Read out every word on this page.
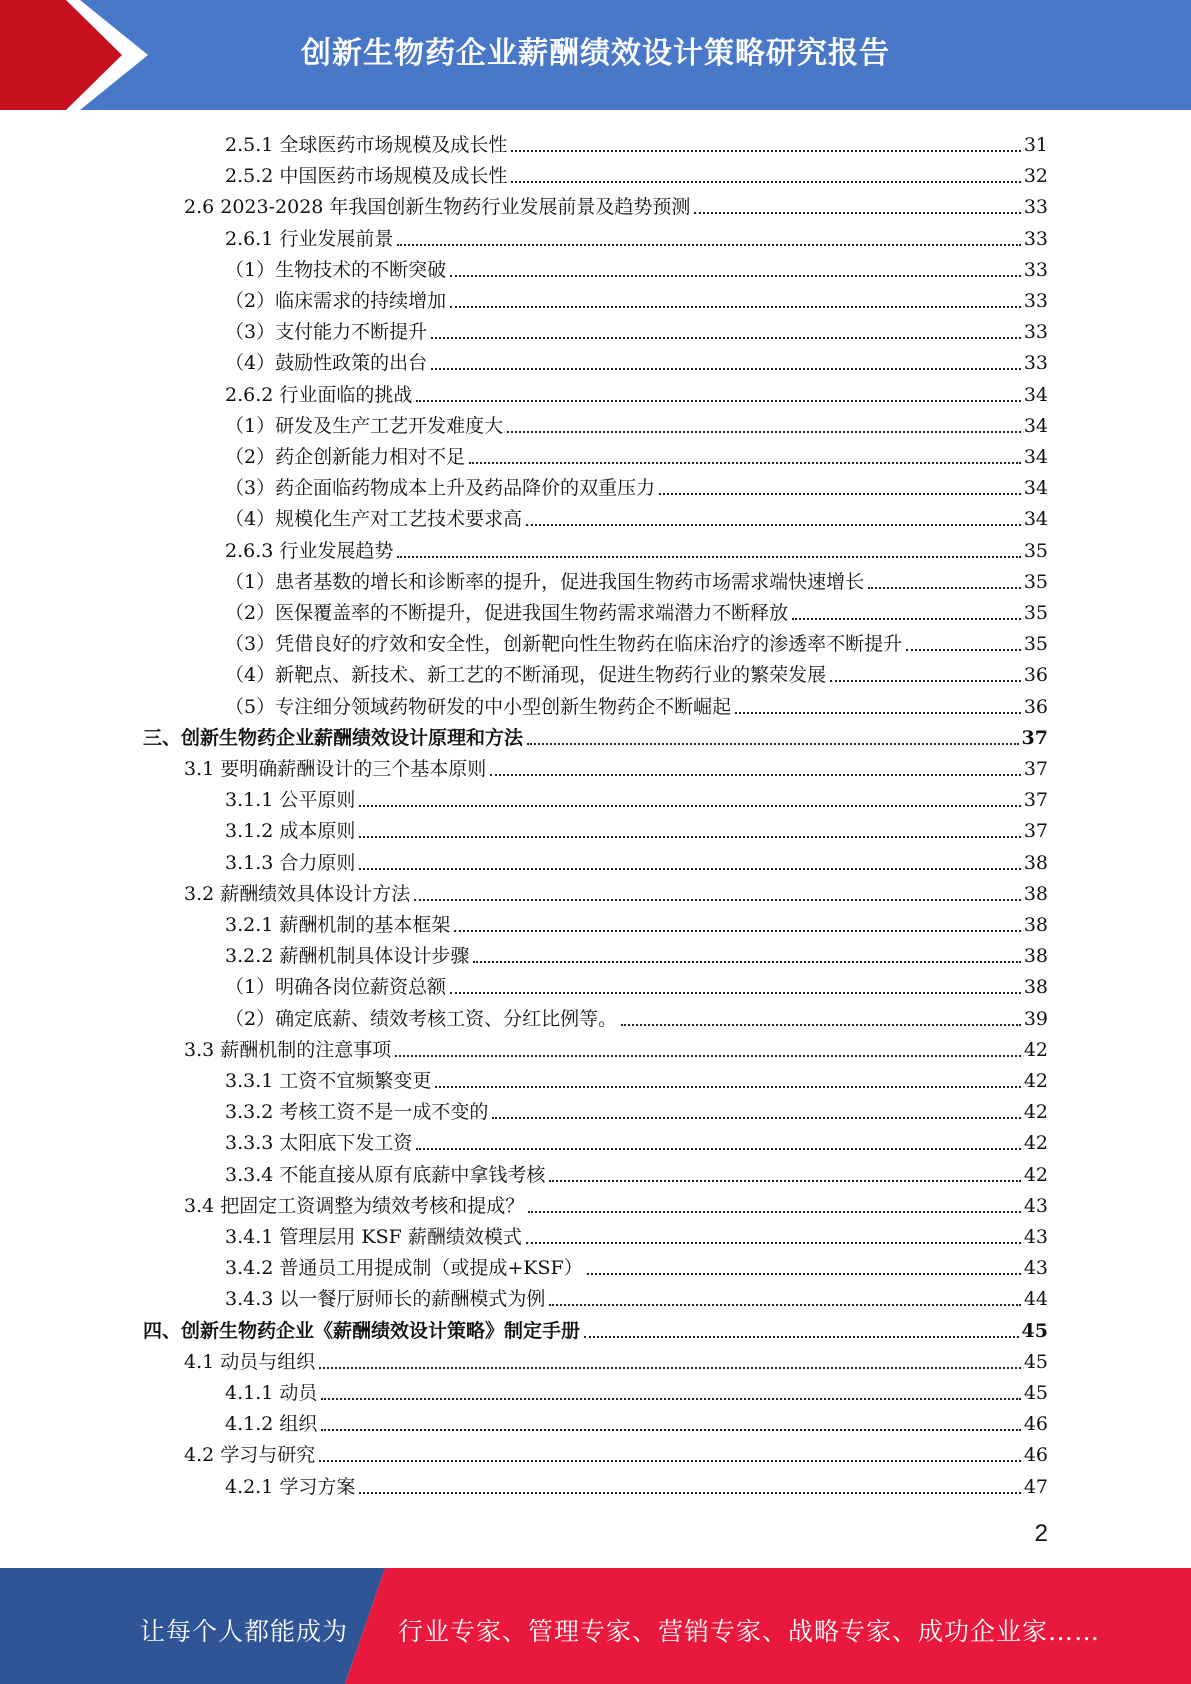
创新生物药企业薪酬绩效设计策略研究报告
2.5.1 全球医药市场规模及成长性	31
2.5.2 中国医药市场规模及成长性	32
2.6 2023-2028 年我国创新生物药行业发展前景及趋势预测	33
2.6.1 行业发展前景	33
（1）生物技术的不断突破	33
（2）临床需求的持续增加	33
（3）支付能力不断提升	33
（4）鼓励性政策的出台	33
2.6.2 行业面临的挑战	34
（1）研发及生产工艺开发难度大	34
（2）药企创新能力相对不足	34
（3）药企面临药物成本上升及药品降价的双重压力	34
（4）规模化生产对工艺技术要求高	34
2.6.3 行业发展趋势	35
（1）患者基数的增长和诊断率的提升，促进我国生物药市场需求端快速增长	35
（2）医保覆盖率的不断提升，促进我国生物药需求端潜力不断释放	35
（3）凭借良好的疗效和安全性，创新靶向性生物药在临床治疗的渗透率不断提升	35
（4）新靶点、新技术、新工艺的不断涌现，促进生物药行业的繁荣发展	36
（5）专注细分领域药物研发的中小型创新生物药企不断崛起	36
三、创新生物药企业薪酬绩效设计原理和方法	37
3.1 要明确薪酬设计的三个基本原则	37
3.1.1 公平原则	37
3.1.2 成本原则	37
3.1.3 合力原则	38
3.2 薪酬绩效具体设计方法	38
3.2.1 薪酬机制的基本框架	38
3.2.2 薪酬机制具体设计步骤	38
（1）明确各岗位薪资总额	38
（2）确定底薪、绩效考核工资、分红比例等。	39
3.3 薪酬机制的注意事项	42
3.3.1 工资不宜频繁变更	42
3.3.2 考核工资不是一成不变的	42
3.3.3 太阳底下发工资	42
3.3.4 不能直接从原有底薪中拿钱考核	42
3.4 把固定工资调整为绩效考核和提成？	43
3.4.1 管理层用 KSF 薪酬绩效模式	43
3.4.2 普通员工用提成制（或提成+KSF）	43
3.4.3 以一餐厅厨师长的薪酬模式为例	44
四、创新生物药企业《薪酬绩效设计策略》制定手册	45
4.1 动员与组织	45
4.1.1 动员	45
4.1.2 组织	46
4.2 学习与研究	46
4.2.1 学习方案	47
2
让每个人都能成为 行业专家、管理专家、营销专家、战略专家、成功企业家……
